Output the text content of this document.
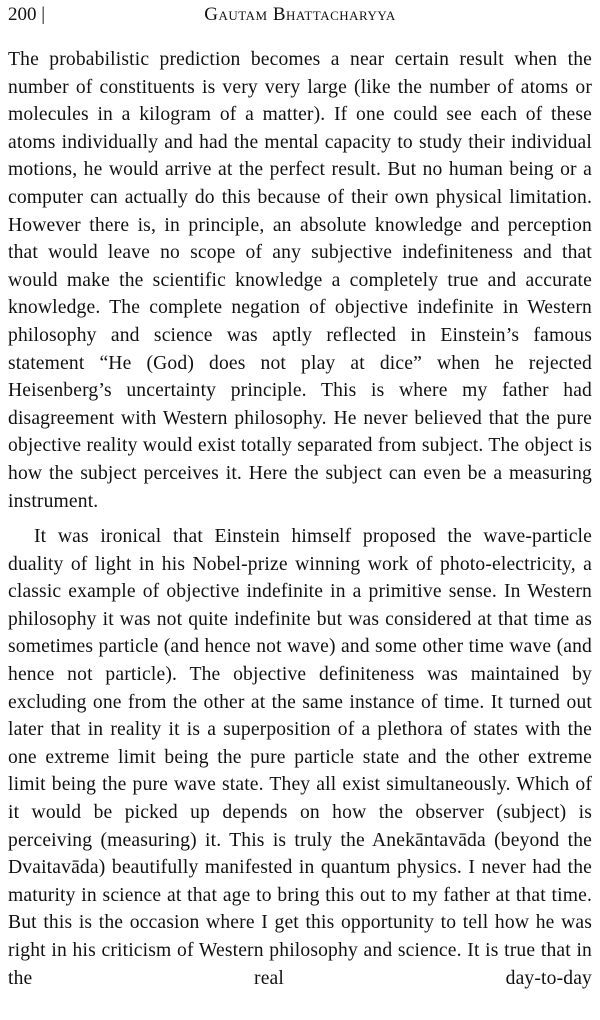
200 |	Gautam Bhattacharyya

The probabilistic prediction becomes a near certain result when the number of constituents is very very large (like the number of atoms or molecules in a kilogram of a matter). If one could see each of these atoms individually and had the mental capacity to study their individual motions, he would arrive at the perfect result. But no human being or a computer can actually do this because of their own physical limitation. However there is, in principle, an absolute knowledge and perception that would leave no scope of any subjective indefiniteness and that would make the scientific knowledge a completely true and accurate knowledge. The complete negation of objective indefinite in Western philosophy and science was aptly reflected in Einstein’s famous statement “He (God) does not play at dice” when he rejected Heisenberg’s uncertainty principle. This is where my father had disagreement with Western philosophy. He never believed that the pure objective reality would exist totally separated from subject. The object is how the subject perceives it. Here the subject can even be a measuring instrument.

It was ironical that Einstein himself proposed the wave-particle duality of light in his Nobel-prize winning work of photo-electricity, a classic example of objective indefinite in a primitive sense. In Western philosophy it was not quite indefinite but was considered at that time as sometimes particle (and hence not wave) and some other time wave (and hence not particle). The objective definiteness was maintained by excluding one from the other at the same instance of time. It turned out later that in reality it is a superposition of a plethora of states with the one extreme limit being the pure particle state and the other extreme limit being the pure wave state. They all exist simultaneously. Which of it would be picked up depends on how the observer (subject) is perceiving (measuring) it. This is truly the Anekāntavāda (beyond the Dvaitavāda) beautifully manifested in quantum physics. I never had the maturity in science at that age to bring this out to my father at that time. But this is the occasion where I get this opportunity to tell how he was right in his criticism of Western philosophy and science. It is true that in the real day-to-day
